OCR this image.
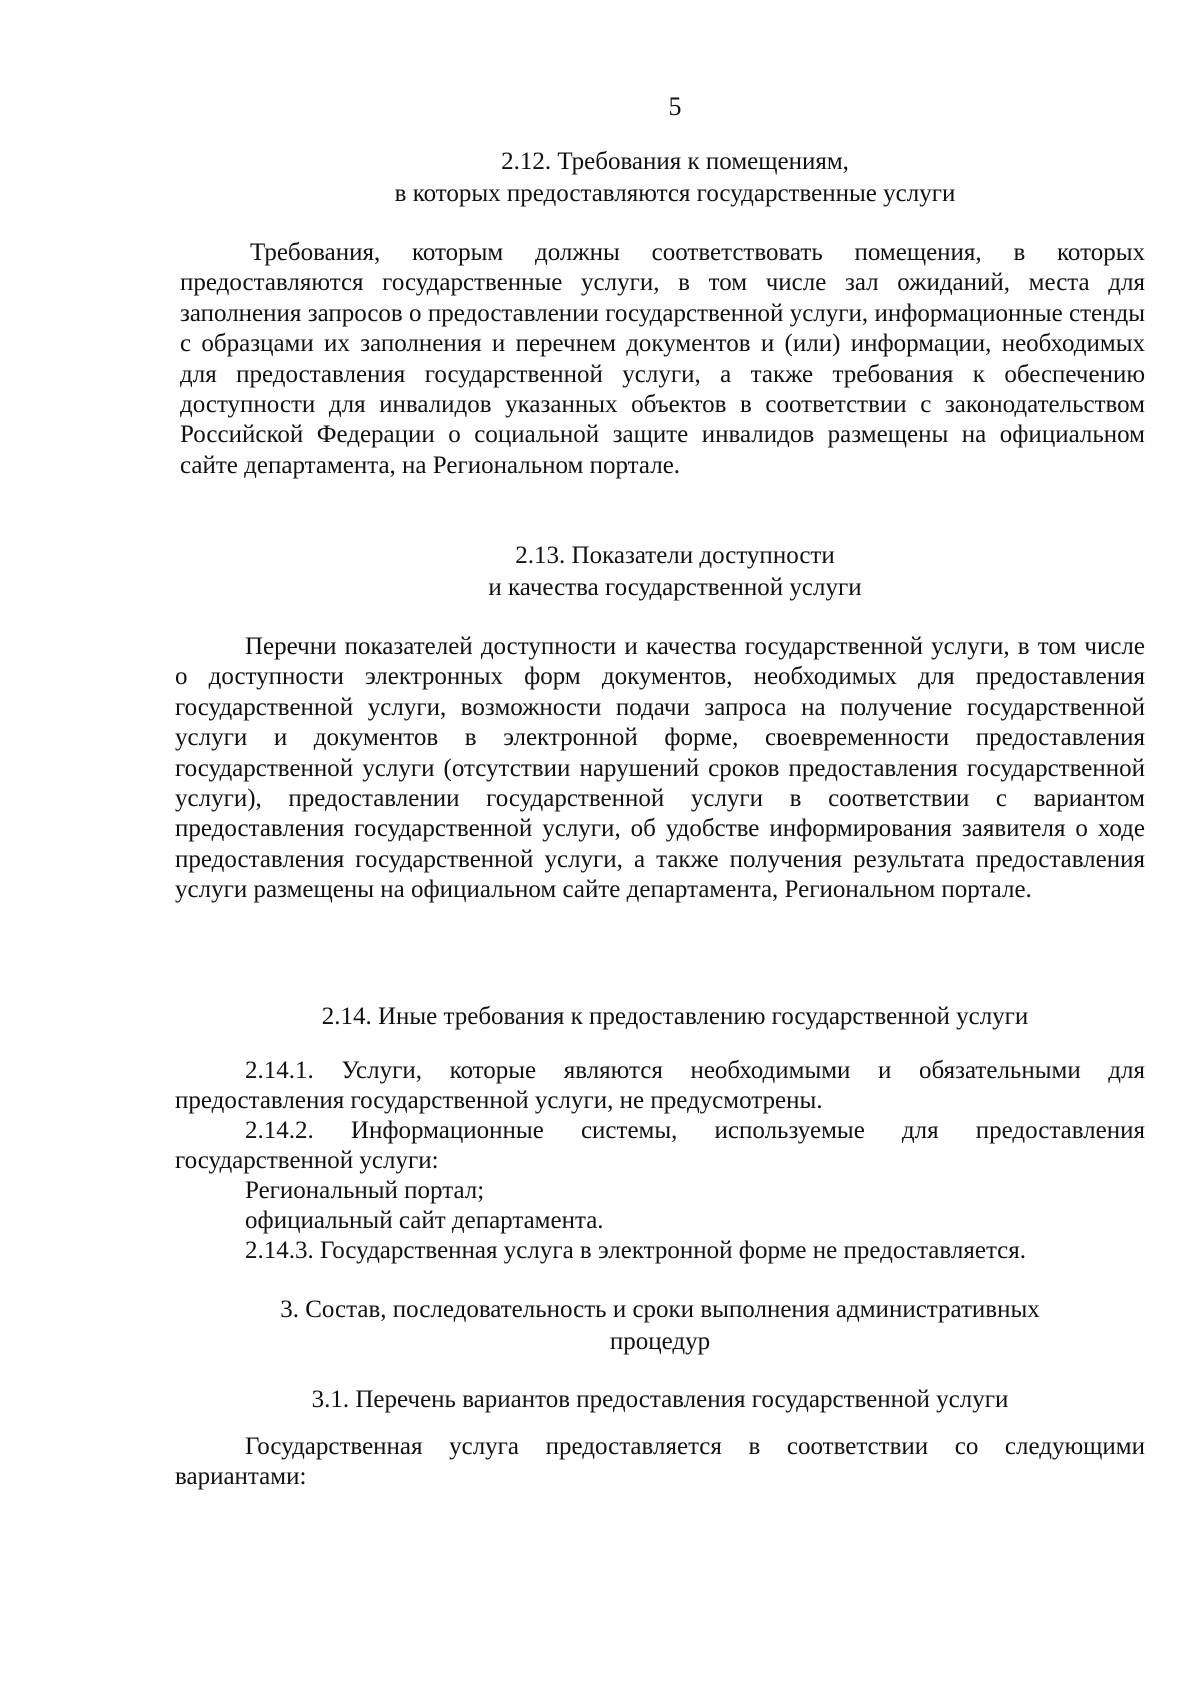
5
2.12. Требования к помещениям,
в которых предоставляются государственные услуги

Требования, которым должны соответствовать помещения, в которых предоставляются государственные услуги, в том числе зал ожиданий, места для заполнения запросов о предоставлении государственной услуги, информационные стенды с образцами их заполнения и перечнем документов и (или) информации, необходимых для предоставления государственной услуги, а также требования к обеспечению доступности для инвалидов указанных объектов в соответствии с законодательством Российской Федерации о социальной защите инвалидов размещены на официальном сайте департамента, на Региональном портале.

2.13. Показатели доступности
и качества государственной услуги

Перечни показателей доступности и качества государственной услуги, в том числе о доступности электронных форм документов, необходимых для предоставления государственной услуги, возможности подачи запроса на получение государственной услуги и документов в электронной форме, своевременности предоставления государственной услуги (отсутствии нарушений сроков предоставления государственной услуги), предоставлении государственной услуги в соответствии с вариантом предоставления государственной услуги, об удобстве информирования заявителя о ходе предоставления государственной услуги, а также получения результата предоставления услуги размещены на официальном сайте департамента, Региональном портале.

2.14. Иные требования к предоставлению государственной услуги

2.14.1. Услуги, которые являются необходимыми и обязательными для предоставления государственной услуги, не предусмотрены.

2.14.2. Информационные системы, используемые для предоставления государственной услуги:

Региональный портал;
официальный сайт департамента.
2.14.3. Государственная услуга в электронной форме не предоставляется.
3. Состав, последовательность и сроки выполнения административных
процедур
3.1. Перечень вариантов предоставления государственной услуги

Государственная услуга предоставляется в соответствии со следующими вариантами:
